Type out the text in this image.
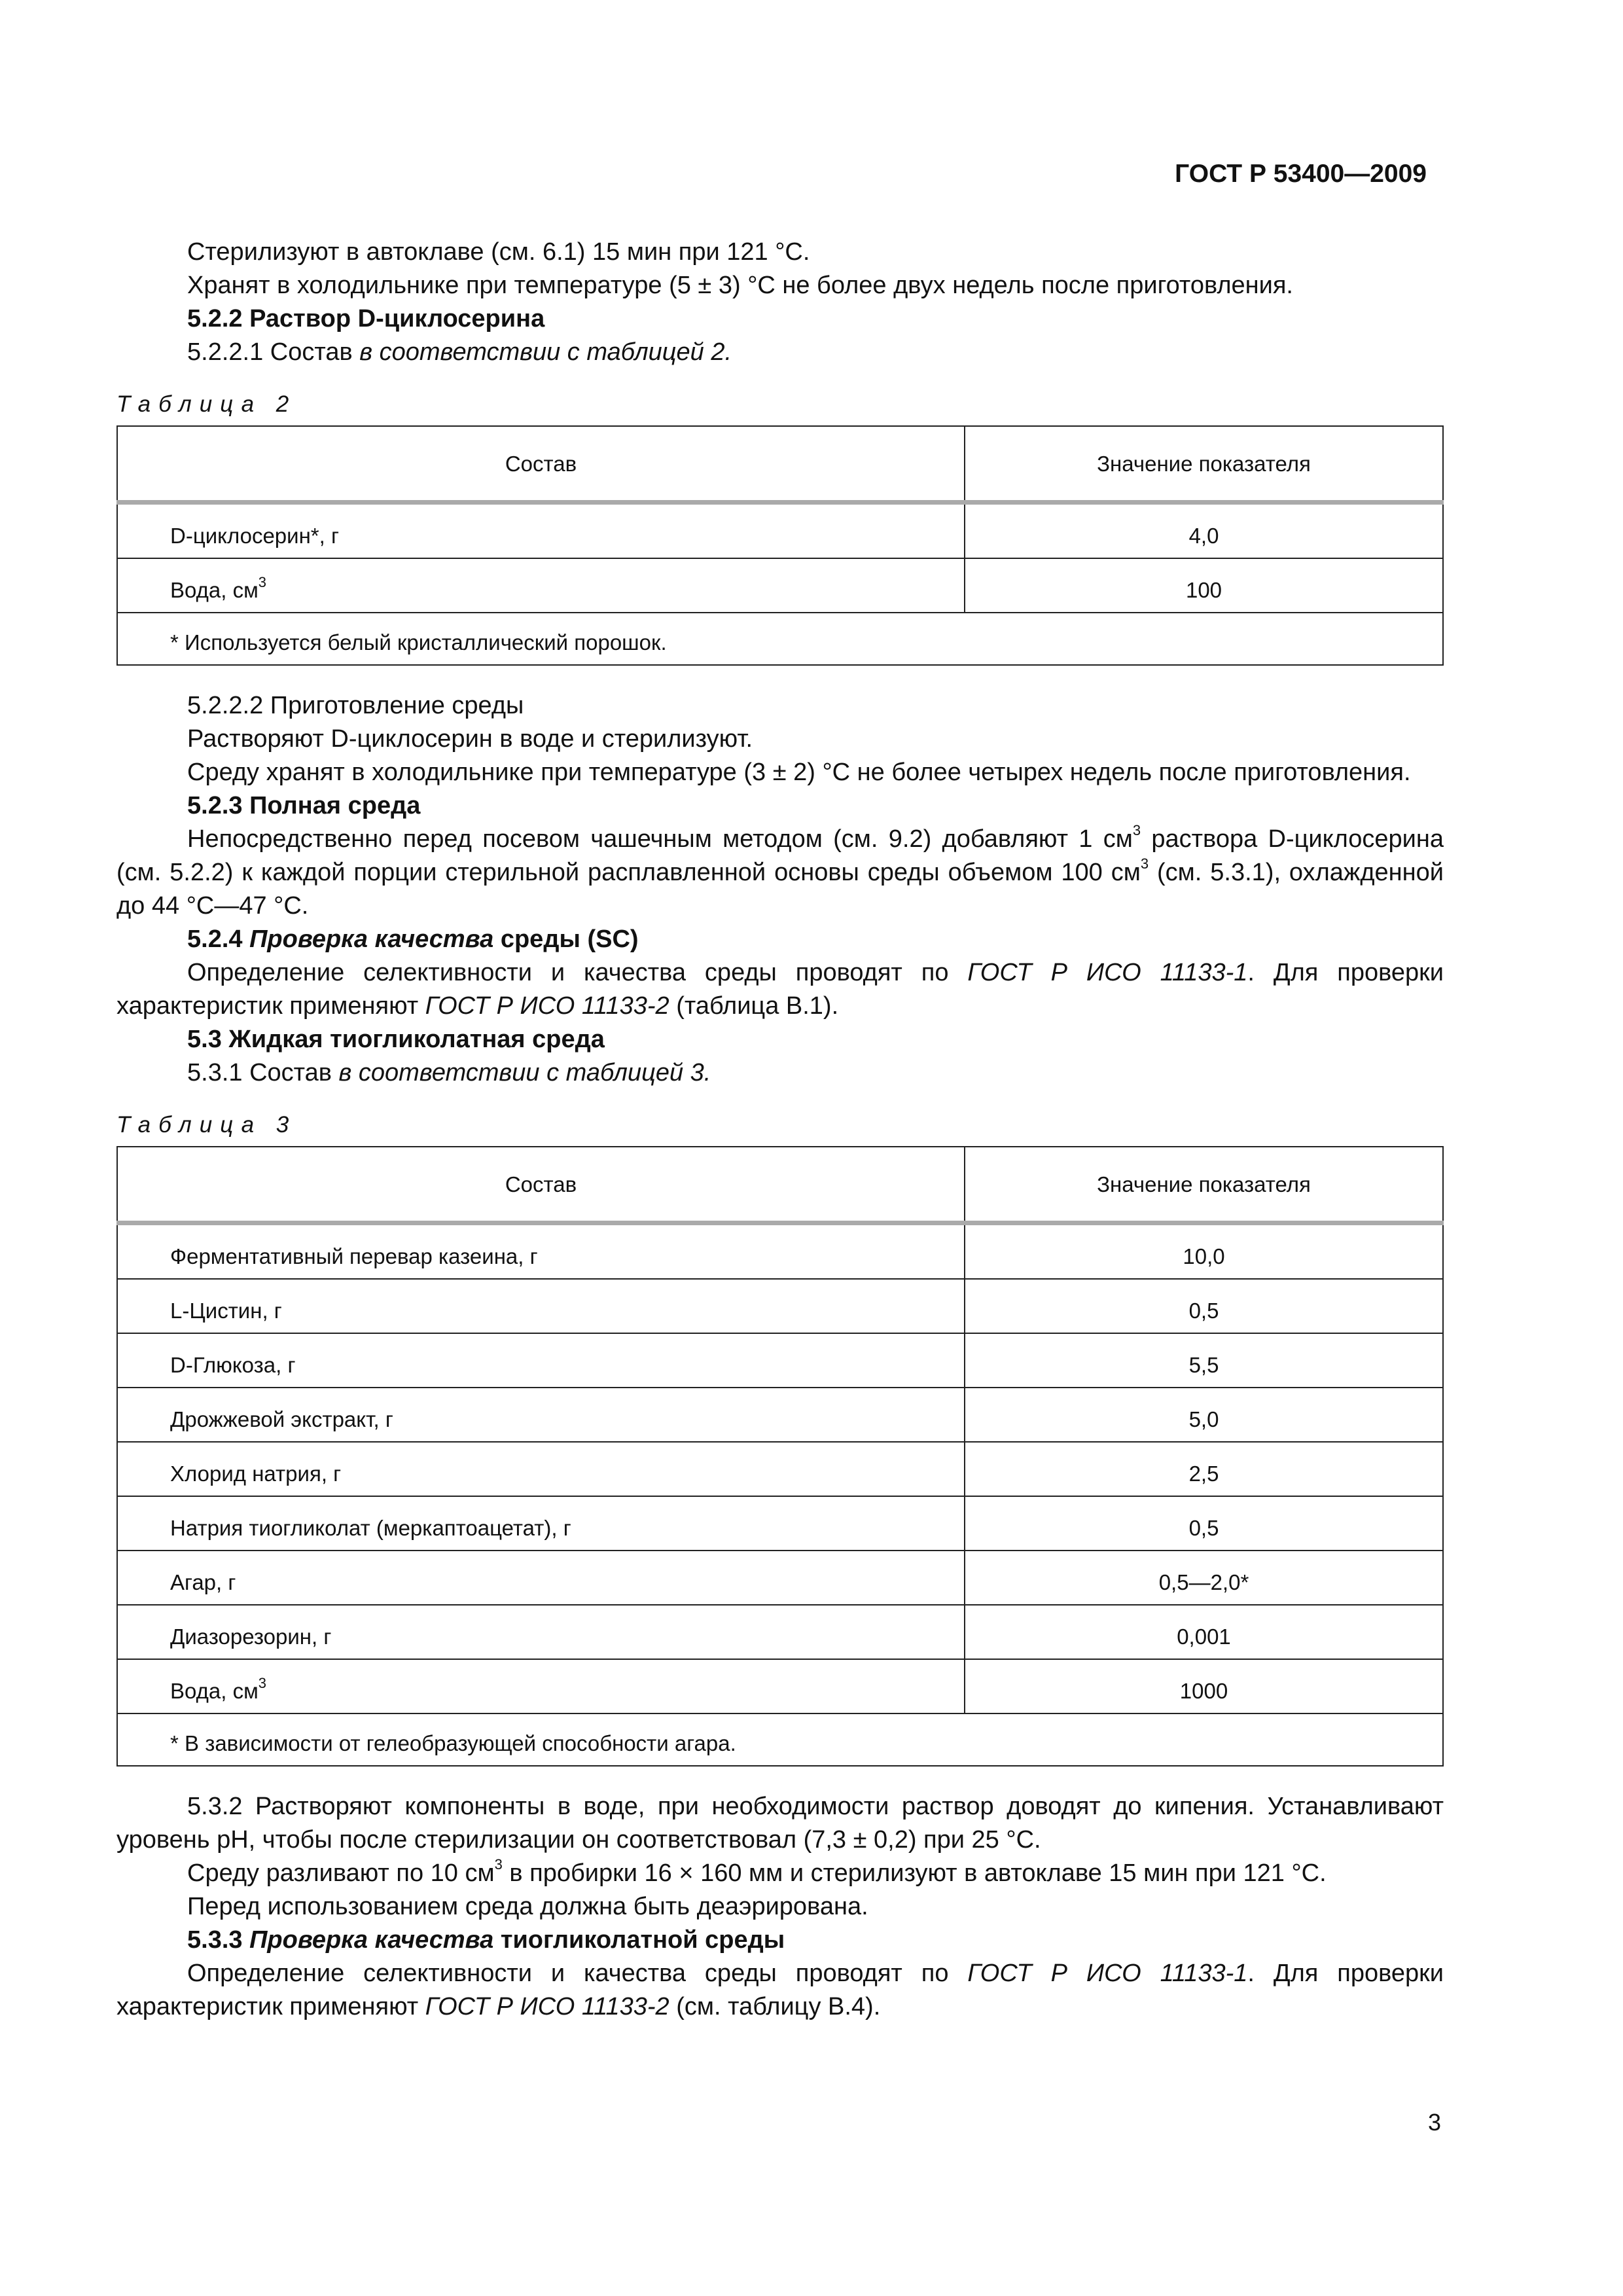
ГОСТ Р 53400—2009

Стерилизуют в автоклаве (см. 6.1) 15 мин при 121 °С.

Хранят в холодильнике при температуре (5 ± 3) °С не более двух недель после приготовления.

5.2.2 Раствор D-циклосерина

5.2.2.1 Состав в соответствии с таблицей 2.

Таблица 2
Состав	Значение показателя
D-циклосерин*, г	4,0
Вода, $см^3$	100
* Используется белый кристаллический порошок.	

5.2.2.2 Приготовление среды

Растворяют D-циклосерин в воде и стерилизуют.

Среду хранят в холодильнике при температуре (3 ± 2) °С не более четырех недель после приготовления.

5.2.3 Полная среда

Непосредственно перед посевом чашечным методом (см. 9.2) добавляют 1 $см^3$ раствора D-циклосерина (см. 5.2.2) к каждой порции стерильной расплавленной основы среды объемом 100 $см^3$ (см. 5.3.1), охлажденной до 44 °С—47 °С.

5.2.4 Проверка качества среды (SC)

Определение селективности и качества среды проводят по ГОСТ Р ИСО 11133-1. Для проверки характеристик применяют ГОСТ Р ИСО 11133-2 (таблица В.1).

5.3 Жидкая тиогликолатная среда

5.3.1 Состав в соответствии с таблицей 3.

Таблица 3
Состав	Значение показателя
Ферментативный перевар казеина, г	10,0
L-Цистин, г	0,5
D-Глюкоза, г	5,5
Дрожжевой экстракт, г	5,0
Хлорид натрия, г	2,5
Натрия тиогликолат (меркаптоацетат), г	0,5
Агар, г	0,5—2,0*
Диазорезорин, г	0,001
Вода, $см^3$	1000
* В зависимости от гелеобразующей способности агара.	

5.3.2 Растворяют компоненты в воде, при необходимости раствор доводят до кипения. Устанавливают уровень рН, чтобы после стерилизации он соответствовал (7,3 ± 0,2) при 25 °С.

Среду разливают по 10 $см^3$ в пробирки 16 × 160 мм и стерилизуют в автоклаве 15 мин при 121 °С.

Перед использованием среда должна быть деаэрирована.

5.3.3 Проверка качества тиогликолатной среды

Определение селективности и качества среды проводят по ГОСТ Р ИСО 11133-1. Для проверки характеристик применяют ГОСТ Р ИСО 11133-2 (см. таблицу В.4).

3
